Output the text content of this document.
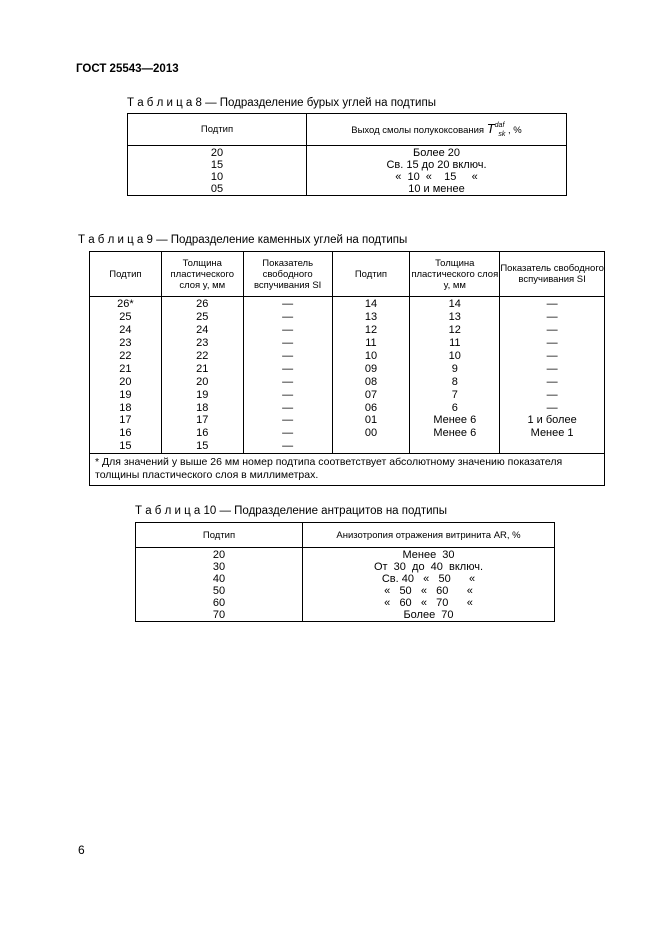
ГОСТ 25543—2013
Т а б л и ц а 8 — Подразделение бурых углей на подтипы
Подтип	Выход смолы полукоксования $T^{daf}_{sk}$ , %
20	Более 20
15	Св. 15 до 20 включ.
10	«  10  «    15     «
05	10 и менее
Т а б л и ц а 9 — Подразделение каменных углей на подтипы
Подтип	Толщина пластического слоя y, мм	Показатель свободного вспучивания SI	Подтип	Толщина пластического слоя y, мм	Показатель свободного вспучивания SI
26*	26	—	14	14	—
25	25	—	13	13	—
24	24	—	12	12	—
23	23	—	11	11	—
22	22	—	10	10	—
21	21	—	09	9	—
20	20	—	08	8	—
19	19	—	07	7	—
18	18	—	06	6	—
17	17	—	01	Менее 6	1 и более
16	16	—	00	Менее 6	Менее 1
15	15	—			
* Для значений y выше 26 мм номер подтипа соответствует абсолютному значению показателя толщины пластического слоя в миллиметрах.					
Т а б л и ц а 10 — Подразделение антрацитов на подтипы
Подтип	Анизотропия отражения витринита AR, %
20	Менее  30
30	От  30  до  40  включ.
40	Св. 40   «   50      «
50	«   50   «   60      «
60	«   60   «   70      «
70	Более  70
6
